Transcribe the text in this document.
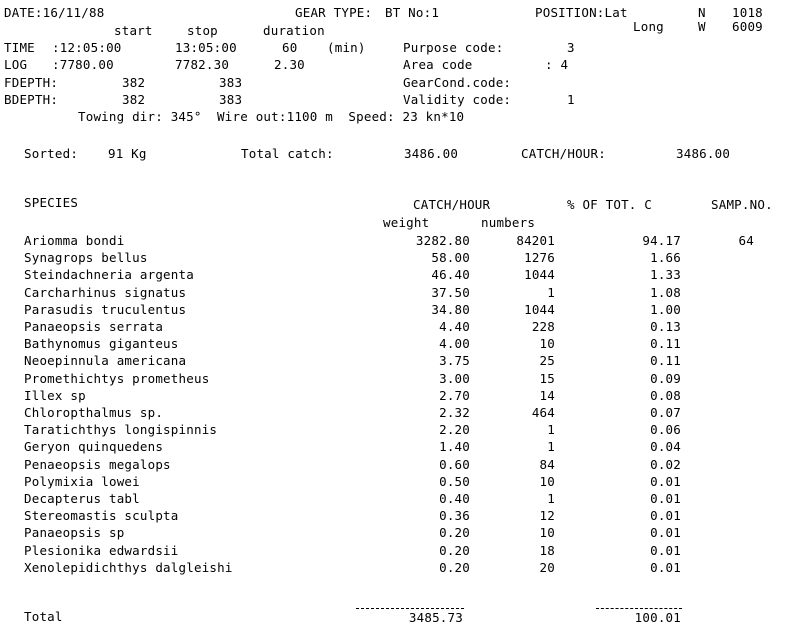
DATE:16/11/88	GEAR TYPE: BT No:1	POSITION:Lat	N 1018
Long	W 6009
start	stop	duration
TIME :12:05:00	13:05:00	60 (min)	Purpose code:	3
LOG :7780.00	7782.30	2.30	Area code	: 4
FDEPTH:	382	383	GearCond.code:
BDEPTH:	382	383	Validity code:	1
Towing dir: 345°  Wire out:1100 m  Speed: 23 kn*10
Sorted: 91 Kg	Total catch:	3486.00	CATCH/HOUR:	3486.00
SPECIES	CATCH/HOUR	% OF TOT. C	SAMP.NO.
weight	numbers
Ariomma bondi	3282.80	84201	94.17	64
Synagrops bellus	58.00	1276	1.66
Steindachneria argenta	46.40	1044	1.33
Carcharhinus signatus	37.50	1	1.08
Parasudis truculentus	34.80	1044	1.00
Panaeopsis serrata	4.40	228	0.13
Bathynomus giganteus	4.00	10	0.11
Neoepinnula americana	3.75	25	0.11
Promethichtys prometheus	3.00	15	0.09
Illex sp	2.70	14	0.08
Chloropthalmus sp.	2.32	464	0.07
Taratichthys longispinnis	2.20	1	0.06
Geryon quinquedens	1.40	1	0.04
Penaeopsis megalops	0.60	84	0.02
Polymixia lowei	0.50	10	0.01
Decapterus tabl	0.40	1	0.01
Stereomastis sculpta	0.36	12	0.01
Panaeopsis sp	0.20	10	0.01
Plesionika edwardsii	0.20	18	0.01
Xenolepidichthys dalgleishi	0.20	20	0.01
Total	3485.73	100.01
